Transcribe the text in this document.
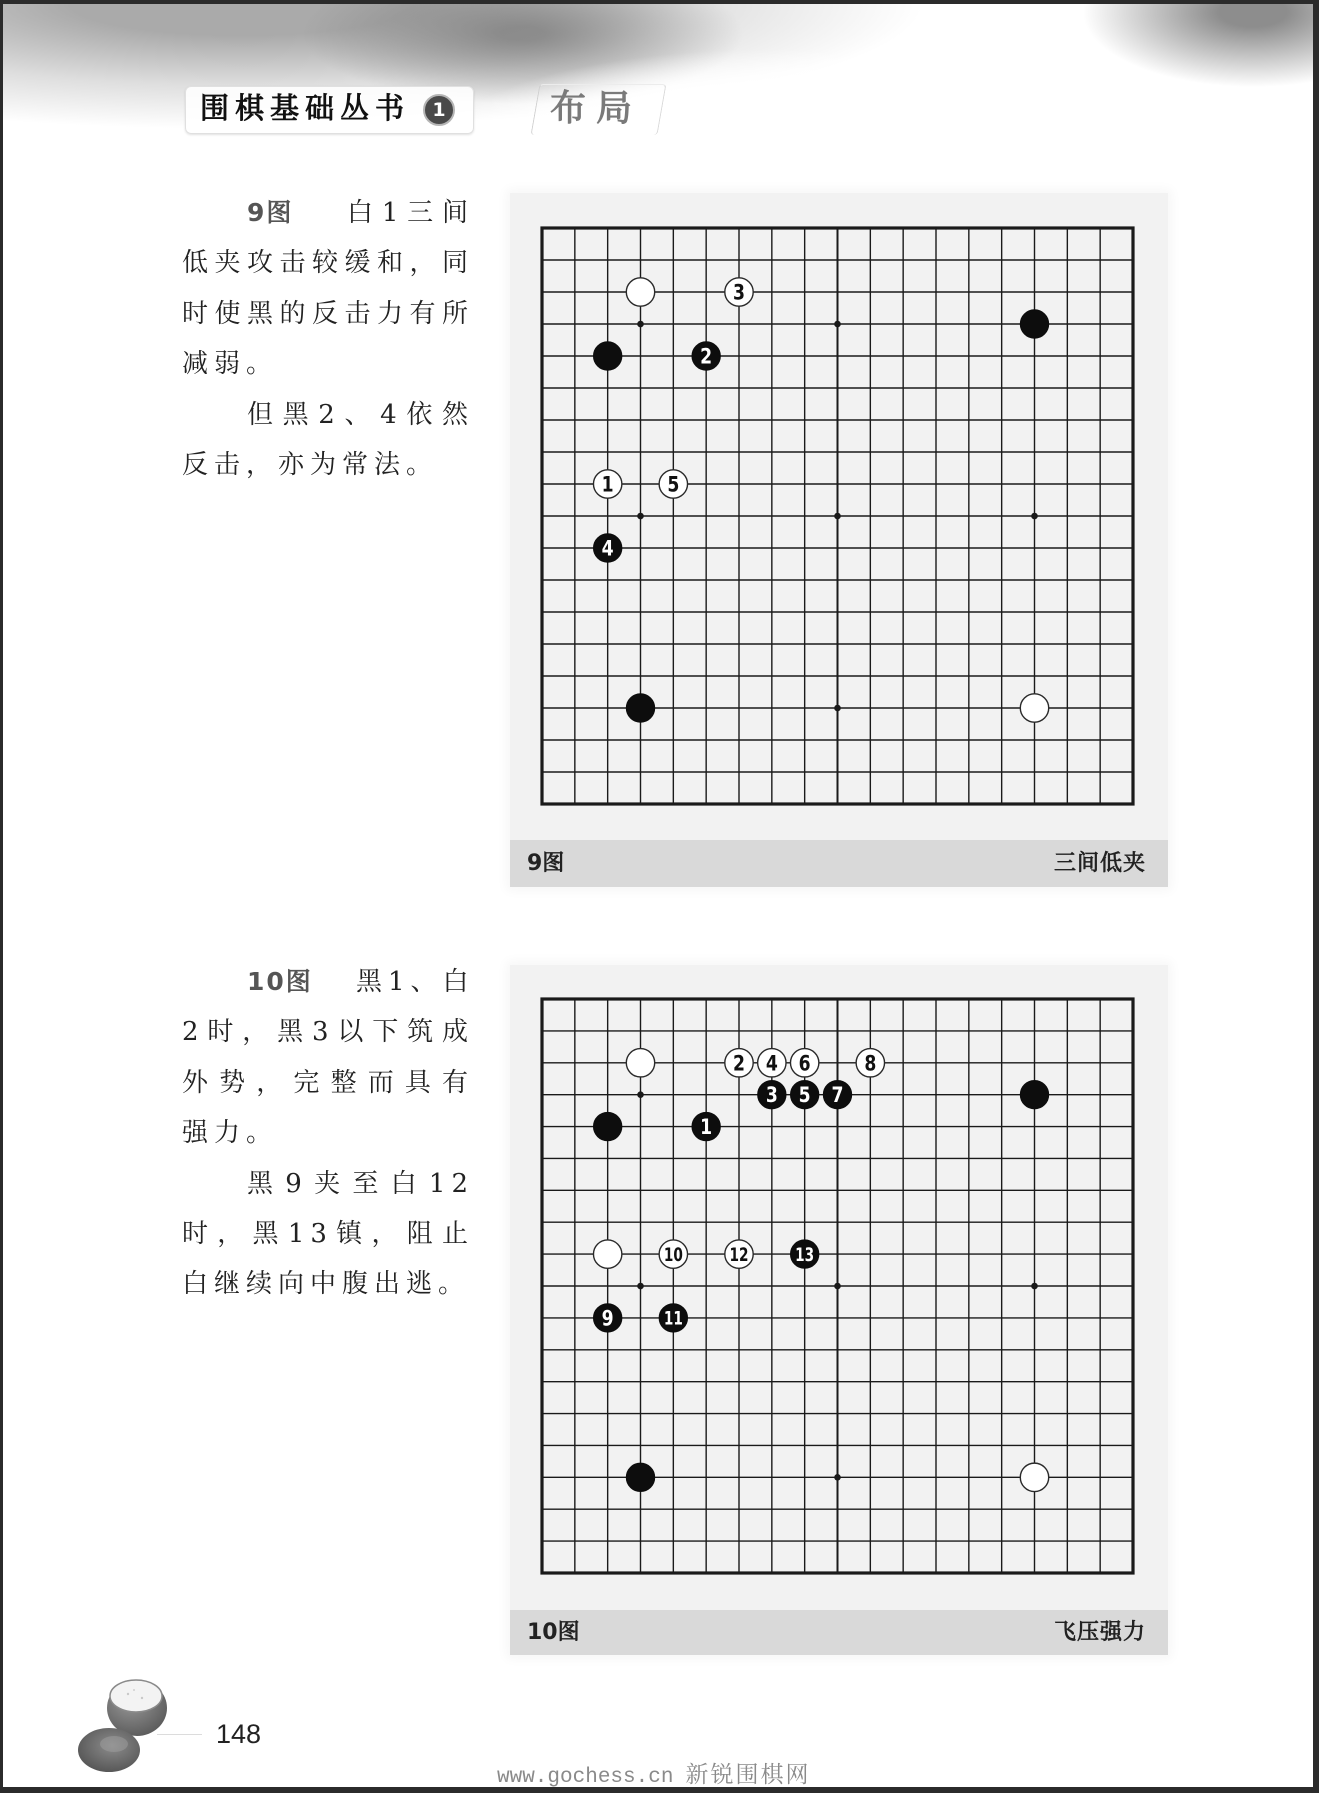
围棋基础丛书	1	布局
9图	白1三间
低夹攻击较缓和，同
时使黑的反击力有所
减弱。
但黑2、4依然
反击，亦为常法。
3
2
1	5
4
9图	三间低夹
10图 黑1、白
2时，黑3以下筑成
外势，完整而具有
强力。
黑9夹至白12
时，黑13镇，阻止
白继续向中腹出逃。
2 4 6	8
3 5 7
1
10 12 13
9	11
10图	飞压强力
148
www.gochess.cn 新锐围棋网
